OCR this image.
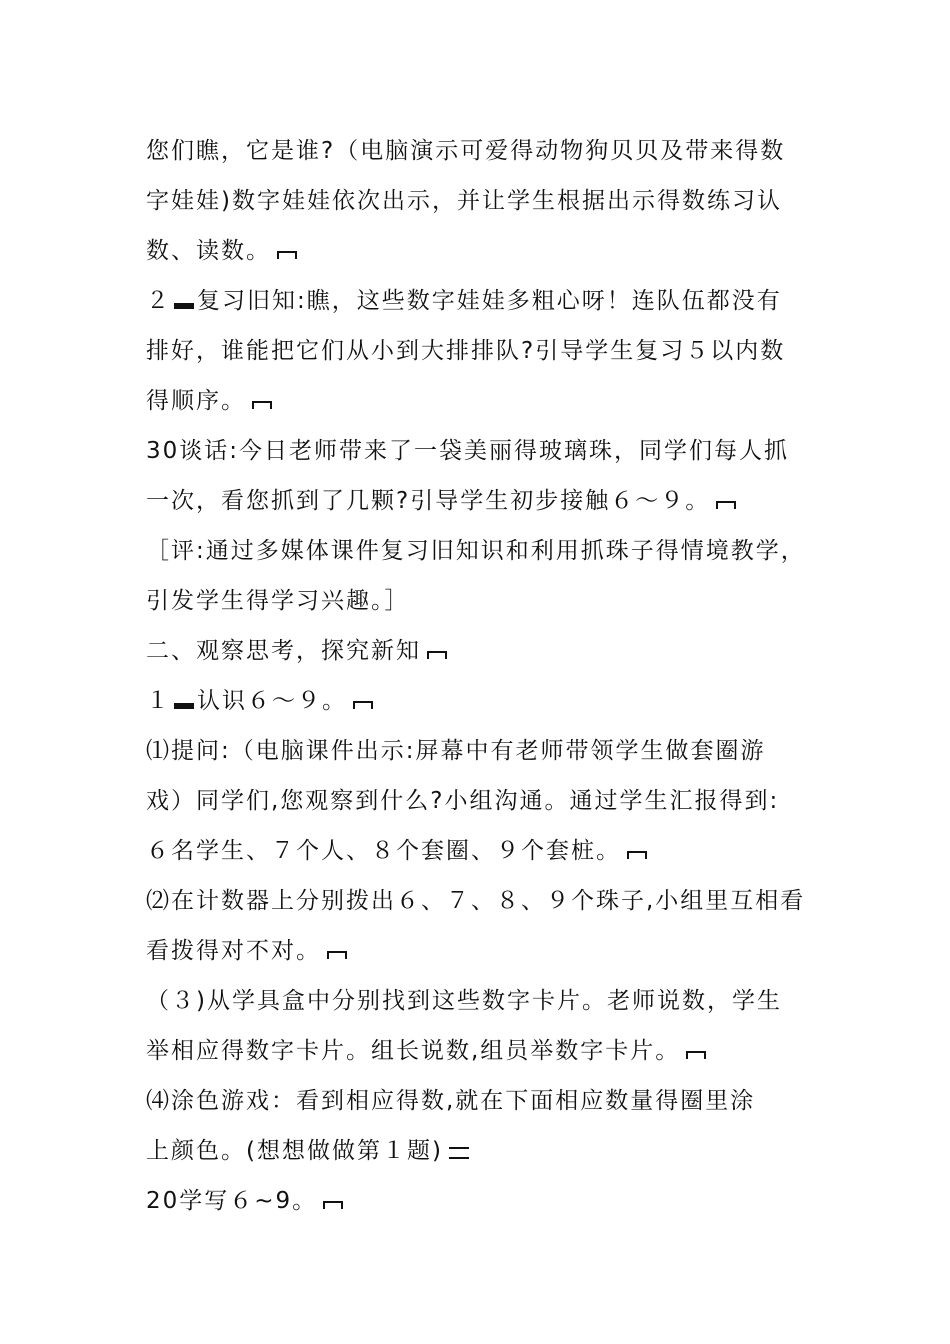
您们瞧，它是谁?（电脑演示可爱得动物狗贝贝及带来得数
字娃娃)数字娃娃依次出示，并让学生根据出示得数练习认
数、读数。
２ 复习旧知:瞧，这些数字娃娃多粗心呀！连队伍都没有
排好，谁能把它们从小到大排排队?引导学生复习５以内数
得顺序。
30谈话:今日老师带来了一袋美丽得玻璃珠，同学们每人抓
一次，看您抓到了几颗?引导学生初步接触６～９。
［评:通过多媒体课件复习旧知识和利用抓珠子得情境教学，
引发学生得学习兴趣。］
二、观察思考，探究新知
１ 认识６～９。
⑴提问:（电脑课件出示:屏幕中有老师带领学生做套圈游
戏）同学们,您观察到什么?小组沟通。通过学生汇报得到:
６名学生、７个人、８个套圈、９个套桩。
⑵在计数器上分别拨出６、７、８、９个珠子,小组里互相看
看拨得对不对。
（３)从学具盒中分别找到这些数字卡片。老师说数，学生
举相应得数字卡片。组长说数,组员举数字卡片。
⑷涂色游戏：看到相应得数,就在下面相应数量得圈里涂
上颜色。(想想做做第１题)
20学写６~9。
